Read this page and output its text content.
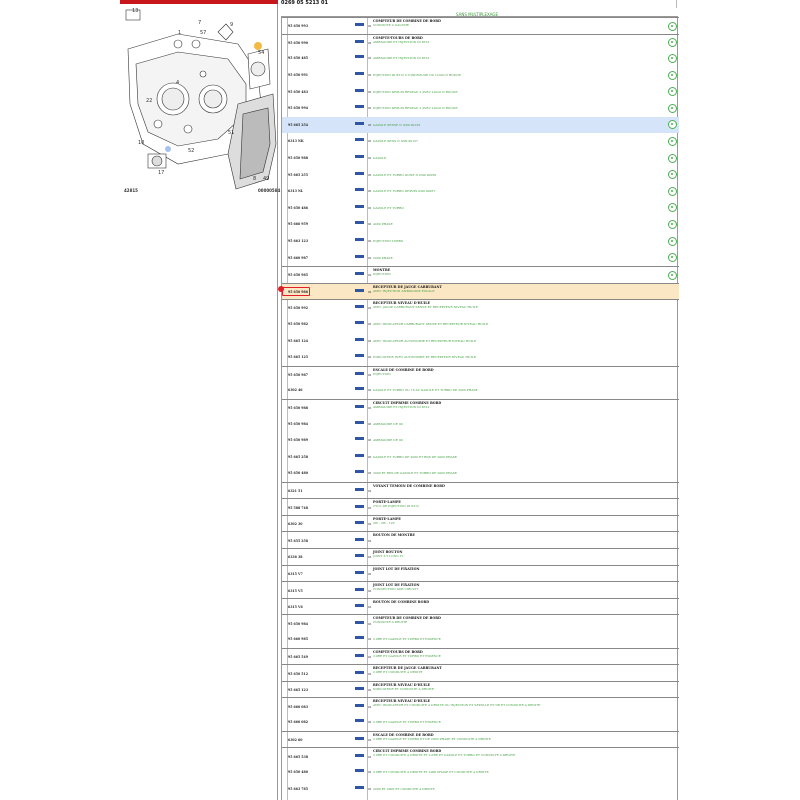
13
7
57
9
1
4
22
51
10
52
17
8 49
54
42815	00000584
0269 05 5213 01
SANS MULTIPLEXAGE
95 650 993	01
COMPTEUR DE COMBINE DE BORD
CONDUITE A GAUCHE
95 650 990	01
COMPTE-TOURS DE BORD
AMBIGUIDE ET INJECTION DI 8312
95 650 485	01 AMBIGUIDE ET INJECTION DI 8312
95 650 991	01 INJECTION DI 8312 V-3.0W-ROUGE OU LOGO N ROUGE
95 650 483	01 INJECTION DEPUIS RESEAU 2 AVEC LOGO N ROUGE
95 650 994	01 INJECTION DEPUIS RESEAU 2 AVEC LOGO N ROUGE
95 665 254	01 GAZOLE SENSE N 0/90 90159
6313 NK	01 GAZOLE SENS N 0/90 90157
95 650 988	01 GAZOLE
95 665 255	01 GAZOLE ET TURBO DONE N 0/90 90256
6313 NL	01 GAZOLE ET TURBO DEPUIS 0/90 90257
95 650 486	01 GAZOLE ET TURBO
95 666 959	01 4000 PHASE
95 663 123	01 INJECTION TURBO
95 660 987	01 2000 PHASE
95 650 985	01
MONTRE
INJECTION
95 650 986	01
RECEPTEUR DE JAUGE CARBURANT
AVEC INJECTION AMBIGUIDE ESCALE
95 650 992	01
RECEPTEUR NIVEAU D'HUILE
AVEC JAUGE CARBURANT SENSE ET RECEPTEUR NIVEAU HUILE
95 650 982	01 AVEC INDICATEUR CARBURANT SENSE ET RECEPTEUR NIVEAU HUILE
95 665 124	01 AVEC INDICATEUR AUTONOMIE ET RECEPTEUR NIVEAU HUILE
95 665 125	01 INDICATEUR INFO AUTONOMIE ET RECEPTEUR NIVEAU HUILE
95 650 987	01
ESCALE DE COMBINE DE BORD
INJECTION
6302 46	01 GAZOLE ET TURBO OU 16 AV GAZOLE ET TURBO DE 2000 PHASE
95 650 988	01
CIRCUIT IMPRIME COMBINE BORD
AMBIGUIDE ET INJECTION DI 8312
95 650 984	01 AMBIGUIDE DE 90
95 650 989	01 AMBIGUIDE DE 90
95 665 258	01 GAZOLE ET TURBO DE 2000 ET RDS DE 2000 PHASE
95 650 480	01 2000 ET RDS DE GAZOLE ET TURBO DE 2000 PHASE
6321 51	01
VOYANT TEMOIN DE COMBINE BORD
95 588 748	01
PORTE-LAMPE
CYCL DE INJECTION DI 8312
6302 30	01
PORTE-LAMPE
2W - 3W - 12V
95 655 258	01
BOUTON DE MONTRE
6336 38	01
JOINT BOUTON
JOINT 3.5 LONG 10
6315 V7	01
JOINT LOT DE FIXATION
6315 V5	01
JOINT LOT DE FIXATION
CONNECTION SUR CIRCUIT
6315 V6	01
BOUTON DE COMBINE BORD
95 650 984	01
COMPTEUR DE COMBINE DE BORD
CONDUITE A DROITE
95 660 985	01 2.0RE ET GAZOLE ET TURBO ET ESSENCE
95 665 549	01
COMPTE-TOURS DE BORD
2.0RE ET GAZOLE ET TURBO ET ESSENCE
95 650 512	01
RECEPTEUR DE JAUGE CARBURANT
2.0RE ET CONDUITE A DROITE
95 665 123	01
RECEPTEUR NIVEAU D'HUILE
INDICATEUR ET CONDUITE A DROITE
95 660 083	01
RECEPTEUR NIVEAU D'HUILE
AVEC INDICATEUR ET CONDUITE A DROITE OU INJECTION ET SEPULLE ET DE ET CONDUITE A DROITE
95 660 082	01 2.0RE ET GAZOLE ET TURBO ET ESSENCE
6302 60	01
ESCALE DE COMBINE DE BORD
2.0RE ET GAZOLE ET TURBO ET DE 2000 PHASE ET CONDUITE A DROITE
95 665 538	01
CIRCUIT IMPRIME COMBINE BORD
2.0RE ET CONDUITE A DROITE ET 2.0RE ET GAZOLE ET TURBO ET CONDUITE A DROITE
95 650 480	01 2.0RE ET CONDUITE A DROITE ET 2000 PHASE ET CONDUITE A DROITE
95 663 785	01 2000 ET 2000 ET CONDUITE A DROITE
